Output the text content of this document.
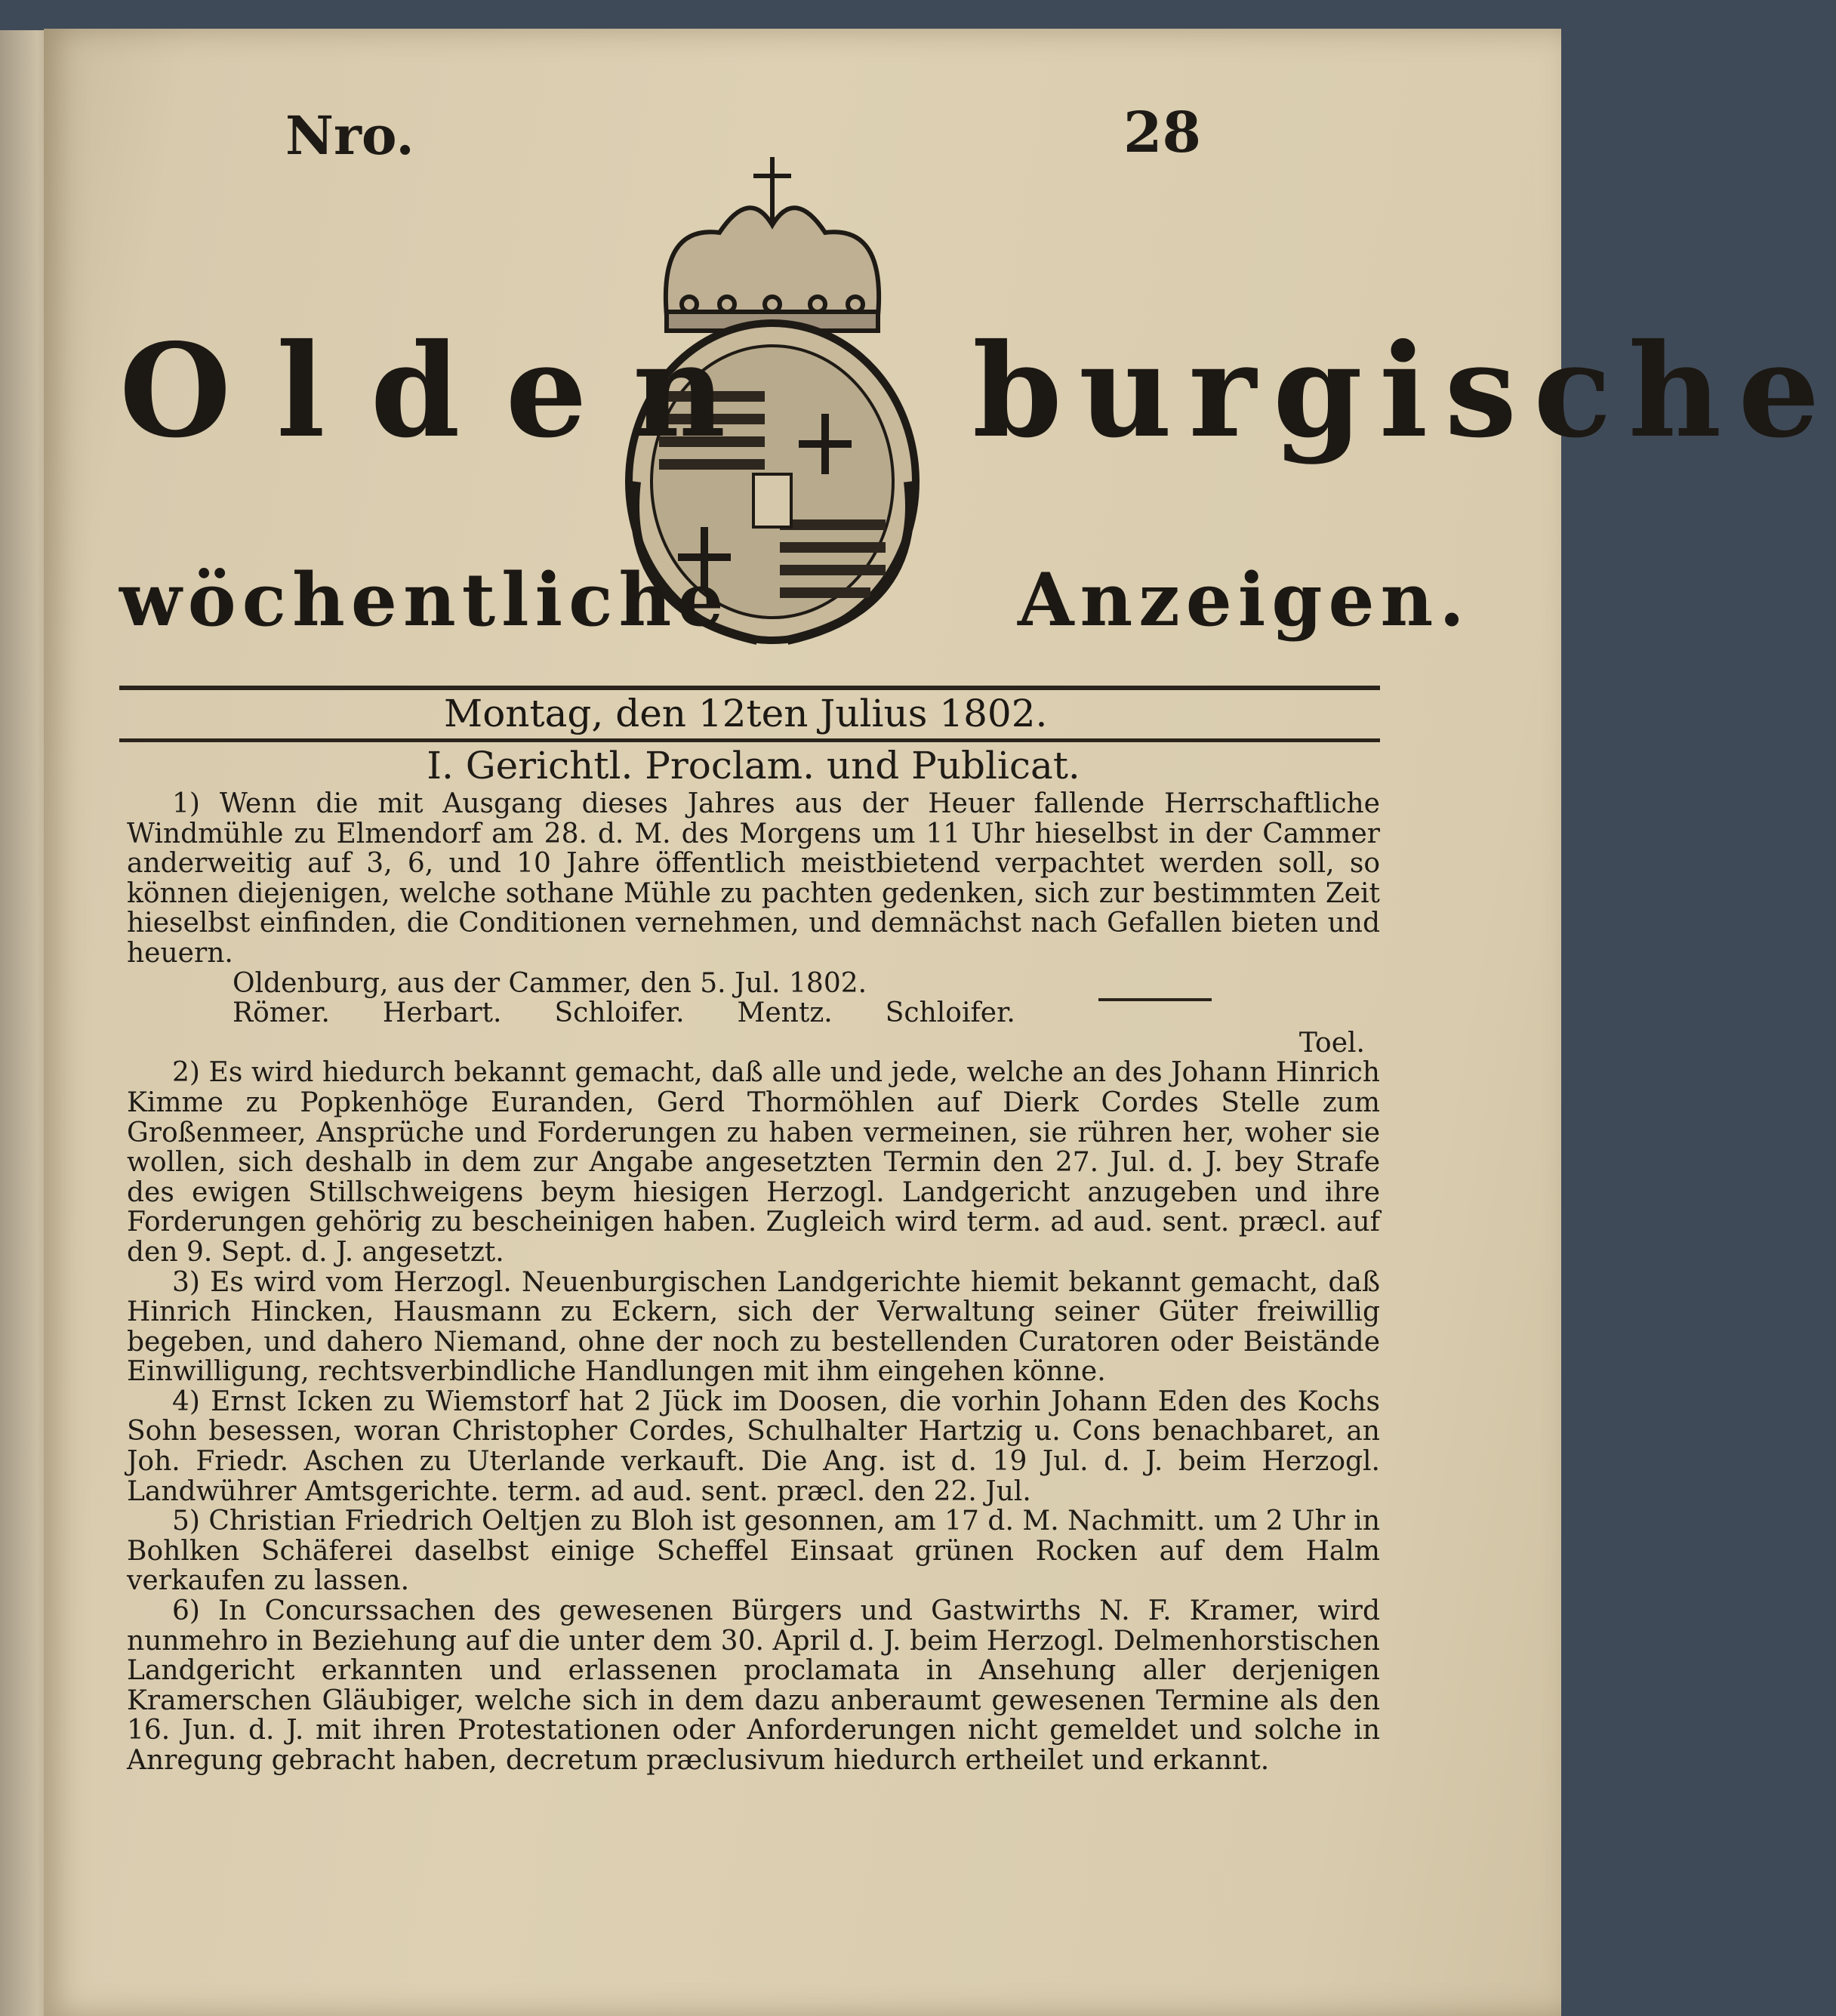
Nro.	28
Olden burgische
wöchentliche	Anzeigen.
Montag, den 12ten Julius 1802.

I. Gerichtl. Proclam. und Publicat.

1) Wenn die mit Ausgang dieses Jahres aus der Heuer fallende Herrschaftliche Windmühle zu Elmendorf am 28. d. M. des Morgens um 11 Uhr hieselbst in der Cammer anderweitig auf 3, 6, und 10 Jahre öffentlich meistbietend verpachtet werden soll, so können diejenigen, welche sothane Mühle zu pachten gedenken, sich zur bestimmten Zeit hieselbst einfinden, die Conditionen vernehmen, und demnächst nach Gefallen bieten und heuern.

Oldenburg, aus der Cammer, den 5. Jul. 1802.

Römer. Herbart. Schloifer. Mentz. Schloifer.

Toel.

2) Es wird hiedurch bekannt gemacht, daß alle und jede, welche an des Johann Hinrich Kimme zu Popkenhöge Euranden, Gerd Thormöhlen auf Dierk Cordes Stelle zum Großenmeer, Ansprüche und Forderungen zu haben vermeinen, sie rühren her, woher sie wollen, sich deshalb in dem zur Angabe angesetzten Termin den 27. Jul. d. J. bey Strafe des ewigen Stillschweigens beym hiesigen Herzogl. Landgericht anzugeben und ihre Forderungen gehörig zu bescheinigen haben. Zugleich wird term. ad aud. sent. præcl. auf den 9. Sept. d. J. angesetzt.

3) Es wird vom Herzogl. Neuenburgischen Landgerichte hiemit bekannt gemacht, daß Hinrich Hincken, Hausmann zu Eckern, sich der Verwaltung seiner Güter freiwillig begeben, und dahero Niemand, ohne der noch zu bestellenden Curatoren oder Beistände Einwilligung, rechtsverbindliche Handlungen mit ihm eingehen könne.

4) Ernst Icken zu Wiemstorf hat 2 Jück im Doosen, die vorhin Johann Eden des Kochs Sohn besessen, woran Christopher Cordes, Schulhalter Hartzig u. Cons benachbaret, an Joh. Friedr. Aschen zu Uterlande verkauft. Die Ang. ist d. 19 Jul. d. J. beim Herzogl. Landwührer Amtsgerichte. term. ad aud. sent. præcl. den 22. Jul.

5) Christian Friedrich Oeltjen zu Bloh ist gesonnen, am 17 d. M. Nachmitt. um 2 Uhr in Bohlken Schäferei daselbst einige Scheffel Einsaat grünen Rocken auf dem Halm verkaufen zu lassen.

6) In Concurssachen des gewesenen Bürgers und Gastwirths N. F. Kramer, wird nunmehro in Beziehung auf die unter dem 30. April d. J. beim Herzogl. Delmenhorstischen Landgericht erkannten und erlassenen proclamata in Ansehung aller derjenigen Kramerschen Gläubiger, welche sich in dem dazu anberaumt gewesenen Termine als den 16. Jun. d. J. mit ihren Protestationen oder Anforderungen nicht gemeldet und solche in Anregung gebracht haben, decretum præclusivum hiedurch ertheilet und erkannt.
